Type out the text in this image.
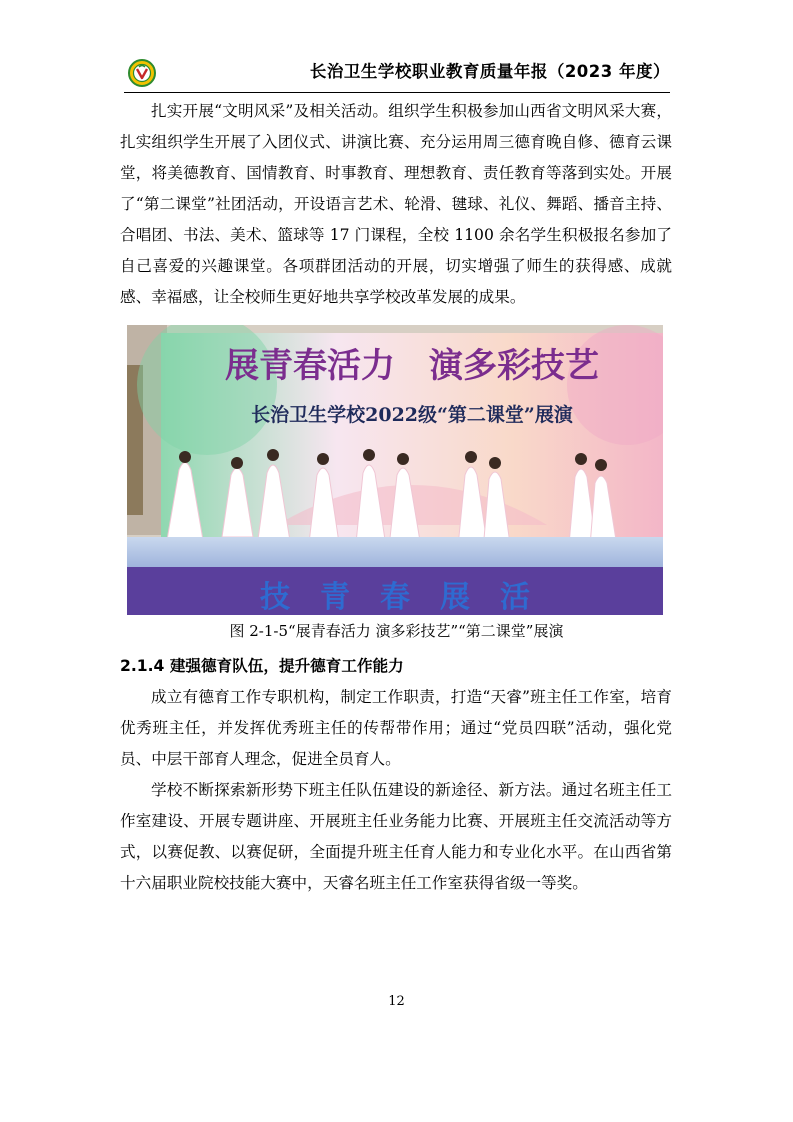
长治卫生学校职业教育质量年报（2023 年度）

扎实开展“文明风采”及相关活动。组织学生积极参加山西省文明风采大赛，扎实组织学生开展了入团仪式、讲演比赛、充分运用周三德育晚自修、德育云课堂，将美德教育、国情教育、时事教育、理想教育、责任教育等落到实处。开展了“第二课堂”社团活动，开设语言艺术、轮滑、毽球、礼仪、舞蹈、播音主持、合唱团、书法、美术、篮球等 17 门课程，全校 1100 余名学生积极报名参加了自己喜爱的兴趣课堂。各项群团活动的开展，切实增强了师生的获得感、成就感、幸福感，让全校师生更好地共享学校改革发展的成果。

展青春活力　演多彩技艺
长治卫生学校2022级“第二课堂”展演
技　青　春　展　活
图 2-1-5“展青春活力 演多彩技艺”“第二课堂”展演
2.1.4 建强德育队伍，提升德育工作能力

成立有德育工作专职机构，制定工作职责，打造“天睿”班主任工作室，培育优秀班主任，并发挥优秀班主任的传帮带作用；通过“党员四联”活动，强化党员、中层干部育人理念，促进全员育人。

学校不断探索新形势下班主任队伍建设的新途径、新方法。通过名班主任工作室建设、开展专题讲座、开展班主任业务能力比赛、开展班主任交流活动等方式，以赛促教、以赛促研，全面提升班主任育人能力和专业化水平。在山西省第十六届职业院校技能大赛中，天睿名班主任工作室获得省级一等奖。

12
